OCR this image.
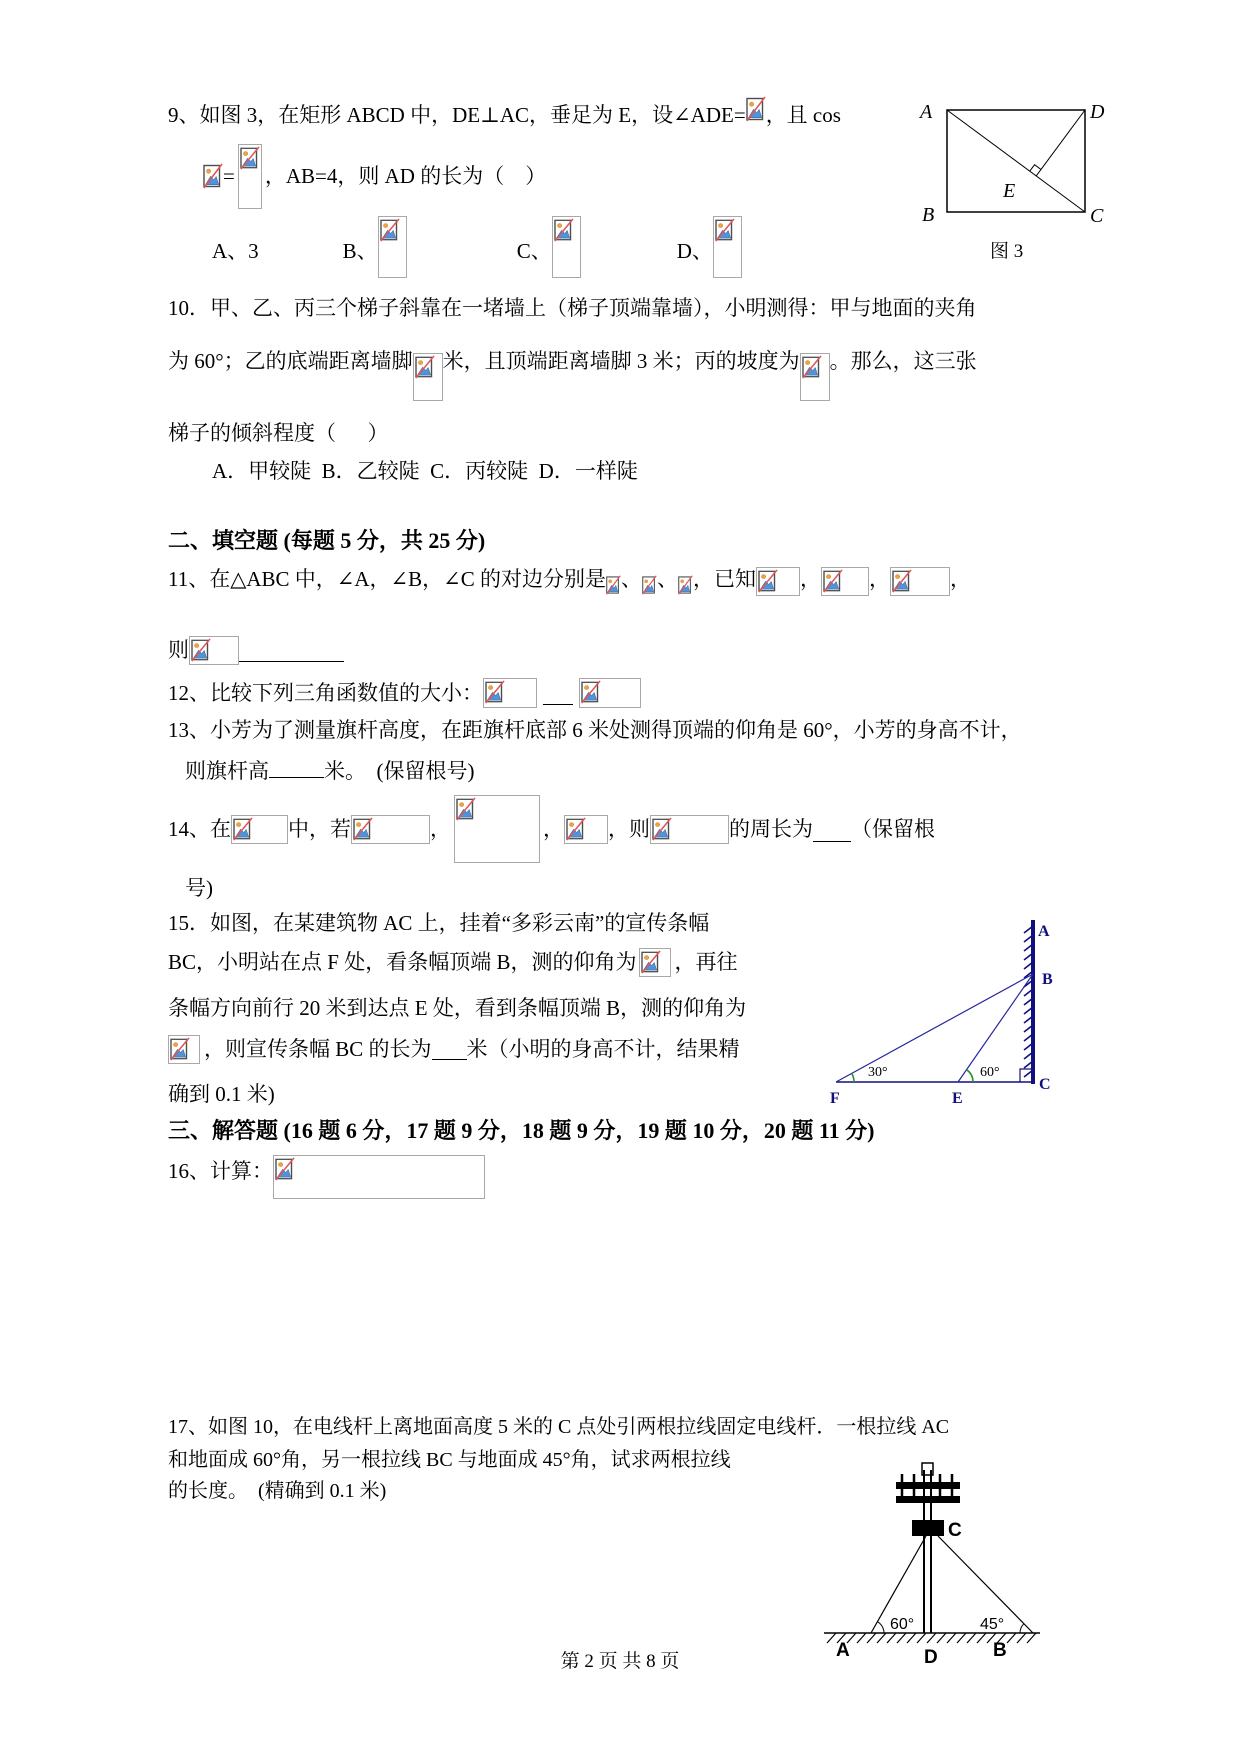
9、如图 3，在矩形 ABCD 中，DE⊥AC，垂足为 E，设∠ADE= ，且 cos
= ，AB=4，则 AD 的长为（    ）
A、3	B、	C、	D、
A	D
B	C
E
图 3
10．甲、乙、丙三个梯子斜靠在一堵墙上（梯子顶端靠墙），小明测得：甲与地面的夹角
为 60°；乙的底端距离墙脚 米，且顶端距离墙脚 3 米；丙的坡度为 。那么，这三张
梯子的倾斜程度（      ）
A．甲较陡  B．乙较陡  C．丙较陡  D．一样陡
二、填空题 (每题 5 分，共 25 分)
11、在△ABC 中，∠A，∠B，∠C 的对边分别是 、 、 ，已知 ， ，	，
则
12、比较下列三角函数值的大小：
13、小芳为了测量旗杆高度，在距旗杆底部 6 米处测得顶端的仰角是 60°，小芳的身高不计，
则旗杆高	米。  (保留根号)
14、在	中，若	，	， ，则	的周长为 （保留根
号)
15．如图，在某建筑物 AC 上，挂着“多彩云南”的宣传条幅
BC，小明站在点 F 处，看条幅顶端 B，测的仰角为 ，再往
条幅方向前行 20 米到达点 E 处，看到条幅顶端 B，测的仰角为
，则宣传条幅 BC 的长为 米（小明的身高不计，结果精
确到 0.1 米)
A
B
C
F	E
30°	60°
三、解答题 (16 题 6 分，17 题 9 分，18 题 9 分，19 题 10 分，20 题 11 分)
16、计算：
17、如图 10，在电线杆上离地面高度 5 米的 C 点处引两根拉线固定电线杆．一根拉线 AC
和地面成 60°角，另一根拉线 BC 与地面成 45°角，试求两根拉线
的长度。  (精确到 0.1 米)
C
60°	45°
A	D	B
第 2 页 共 8 页
